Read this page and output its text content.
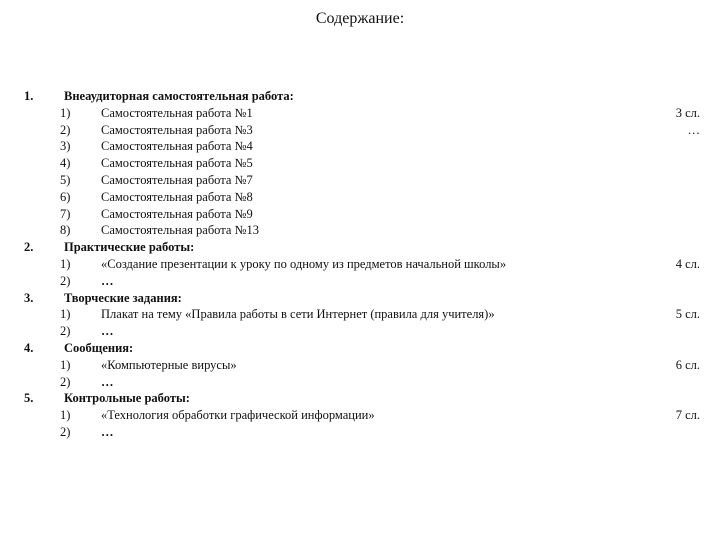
Содержание:
1. Внеаудиторная самостоятельная работа:
1) Самостоятельная работа №1	3 сл.
2) Самостоятельная работа №3	…
3) Самостоятельная работа №4
4) Самостоятельная работа №5
5) Самостоятельная работа №7
6) Самостоятельная работа №8
7) Самостоятельная работа №9
8) Самостоятельная работа №13
2. Практические работы:
1) «Создание презентации к уроку по одному из предметов начальной школы»	4 сл.
2) …
3. Творческие задания:
1) Плакат на тему «Правила работы в сети Интернет (правила для учителя)»	5 сл.
2) …
4. Сообщения:
1) «Компьютерные вирусы»	6 сл.
2) …
5. Контрольные работы:
1) «Технология обработки графической информации»	7 сл.
2) …
